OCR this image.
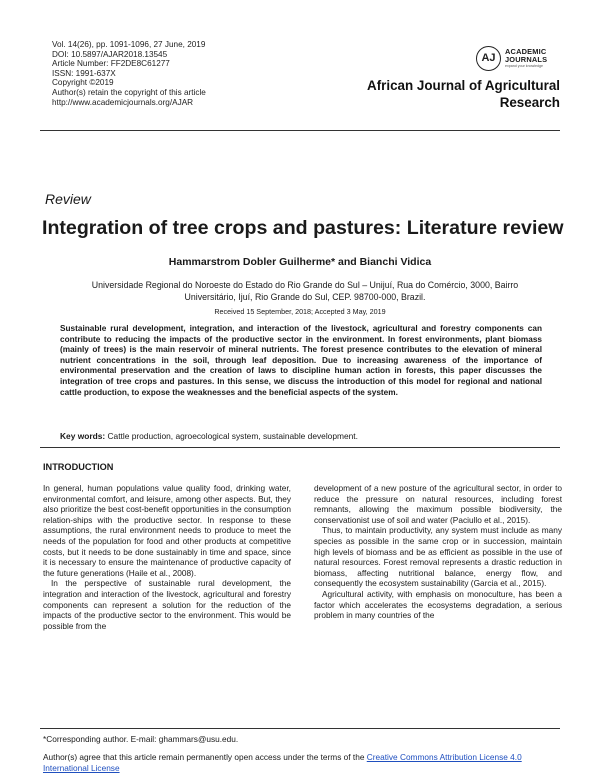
Vol. 14(26), pp. 1091-1096, 27 June, 2019
DOI: 10.5897/AJAR2018.13545
Article Number: FF2DE8C61277
ISSN: 1991-637X
Copyright ©2019
Author(s) retain the copyright of this article
http://www.academicjournals.org/AJAR
AJ
ACADEMIC
JOURNALS
expand your knowledge
African Journal of Agricultural
Research
Review
Integration of tree crops and pastures: Literature review
Hammarstrom Dobler Guilherme* and Bianchi Vidica
Universidade Regional do Noroeste do Estado do Rio Grande do Sul – Unijuí, Rua do Comércio, 3000, Bairro
Universitário, Ijuí, Rio Grande do Sul, CEP. 98700-000, Brazil.
Received 15 September, 2018; Accepted 3 May, 2019
Sustainable rural development, integration, and interaction of the livestock, agricultural and forestry components can contribute to reducing the impacts of the productive sector in the environment. In forest environments, plant biomass (mainly of trees) is the main reservoir of mineral nutrients. The forest presence contributes to the elevation of mineral nutrient concentrations in the soil, through leaf deposition. Due to increasing awareness of the importance of environmental preservation and the creation of laws to discipline human action in forests, this paper discusses the integration of tree crops and pastures. In this sense, we discuss the introduction of this model for regional and national cattle production, to expose the weaknesses and the beneficial aspects of the system.
Key words: Cattle production, agroecological system, sustainable development.
INTRODUCTION

In general, human populations value quality food, drinking water, environmental comfort, and leisure, among other aspects. But, they also prioritize the best cost-benefit opportunities in the consumption relation-ships with the productive sector. In response to these assumptions, the rural environment needs to produce to meet the needs of the population for food and other products at competitive costs, but it needs to be done sustainably in time and space, since it is necessary to ensure the maintenance of productive capacity of the future generations (Haile et al., 2008).

In the perspective of sustainable rural development, the integration and interaction of the livestock, agricultural and forestry components can represent a solution for the reduction of the impacts of the productive sector to the environment. This would be possible from the

development of a new posture of the agricultural sector, in order to reduce the pressure on natural resources, including forest remnants, allowing the maximum possible biodiversity, the conservationist use of soil and water (Paciullo et al., 2015).

Thus, to maintain productivity, any system must include as many species as possible in the same crop or in succession, maintain high levels of biomass and be as efficient as possible in the use of natural resources. Forest removal represents a drastic reduction in biomass, affecting nutritional balance, energy flow, and consequently the ecosystem sustainability (Garcia et al., 2015).

Agricultural activity, with emphasis on monoculture, has been a factor which accelerates the ecosystems degradation, a serious problem in many countries of the

*Corresponding author. E-mail: ghammars@usu.edu.
Author(s) agree that this article remain permanently open access under the terms of the Creative Commons Attribution License 4.0 International License
